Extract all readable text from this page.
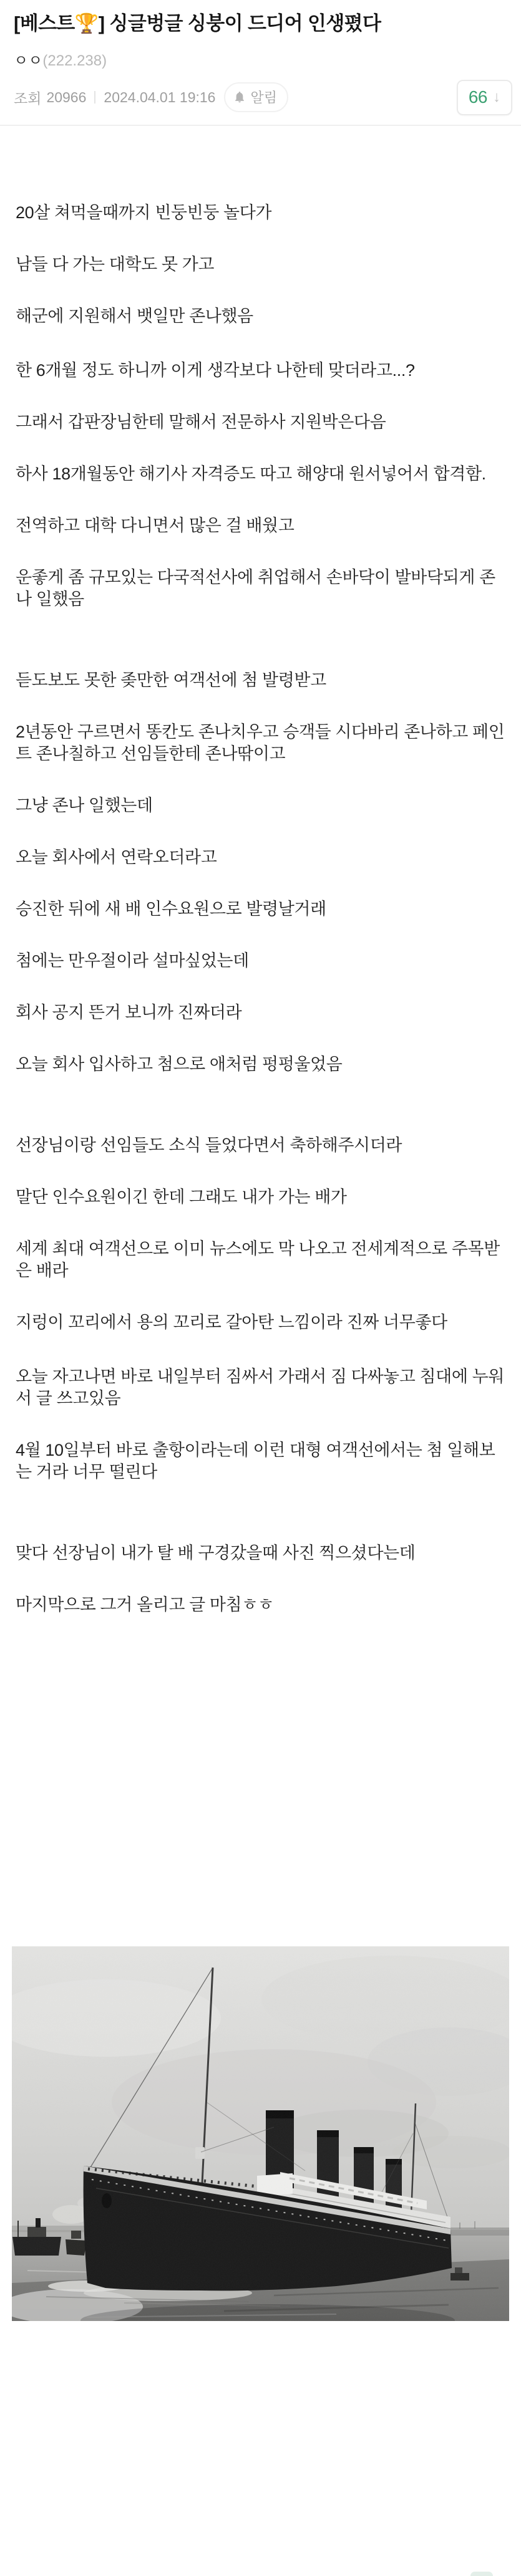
[베스트🏆] 싱글벙글 싱붕이 드디어 인생폈다
ㅇㅇ(222.238)
조회 20966 2024.04.01 19:16	알림	66 ↓

20살 쳐먹을때까지 빈둥빈둥 놀다가

남들 다 가는 대학도 못 가고

해군에 지원해서 뱃일만 존나했음

한 6개월 정도 하니까 이게 생각보다 나한테 맞더라고...?

그래서 갑판장님한테 말해서 전문하사 지원박은다음

하사 18개월동안 해기사 자격증도 따고 해양대 원서넣어서 합격함.

전역하고 대학 다니면서 많은 걸 배웠고

운좋게 좀 규모있는 다국적선사에 취업해서 손바닥이 발바닥되게 존나 일했음

듣도보도 못한 좆만한 여객선에 첨 발령받고

2년동안 구르면서 똥칸도 존나치우고 승객들 시다바리 존나하고 페인트 존나칠하고 선임들한테 존나딲이고

그냥 존나 일했는데

오늘 회사에서 연락오더라고

승진한 뒤에 새 배 인수요원으로 발령날거래

첨에는 만우절이라 설마싶었는데

회사 공지 뜬거 보니까 진짜더라

오늘 회사 입사하고 첨으로 애처럼 펑펑울었음

선장님이랑 선임들도 소식 들었다면서 축하해주시더라

말단 인수요원이긴 한데 그래도 내가 가는 배가

세계 최대 여객선으로 이미 뉴스에도 막 나오고 전세계적으로 주목받은 배라

지렁이 꼬리에서 용의 꼬리로 갈아탄 느낌이라 진짜 너무좋다

오늘 자고나면 바로 내일부터 짐싸서 가래서 짐 다싸놓고 침대에 누워서 글 쓰고있음

4월 10일부터 바로 출항이라는데 이런 대형 여객선에서는 첨 일해보는 거라 너무 떨린다

맞다 선장님이 내가 탈 배 구경갔을때 사진 찍으셨다는데

마지막으로 그거 올리고 글 마침ㅎㅎ
